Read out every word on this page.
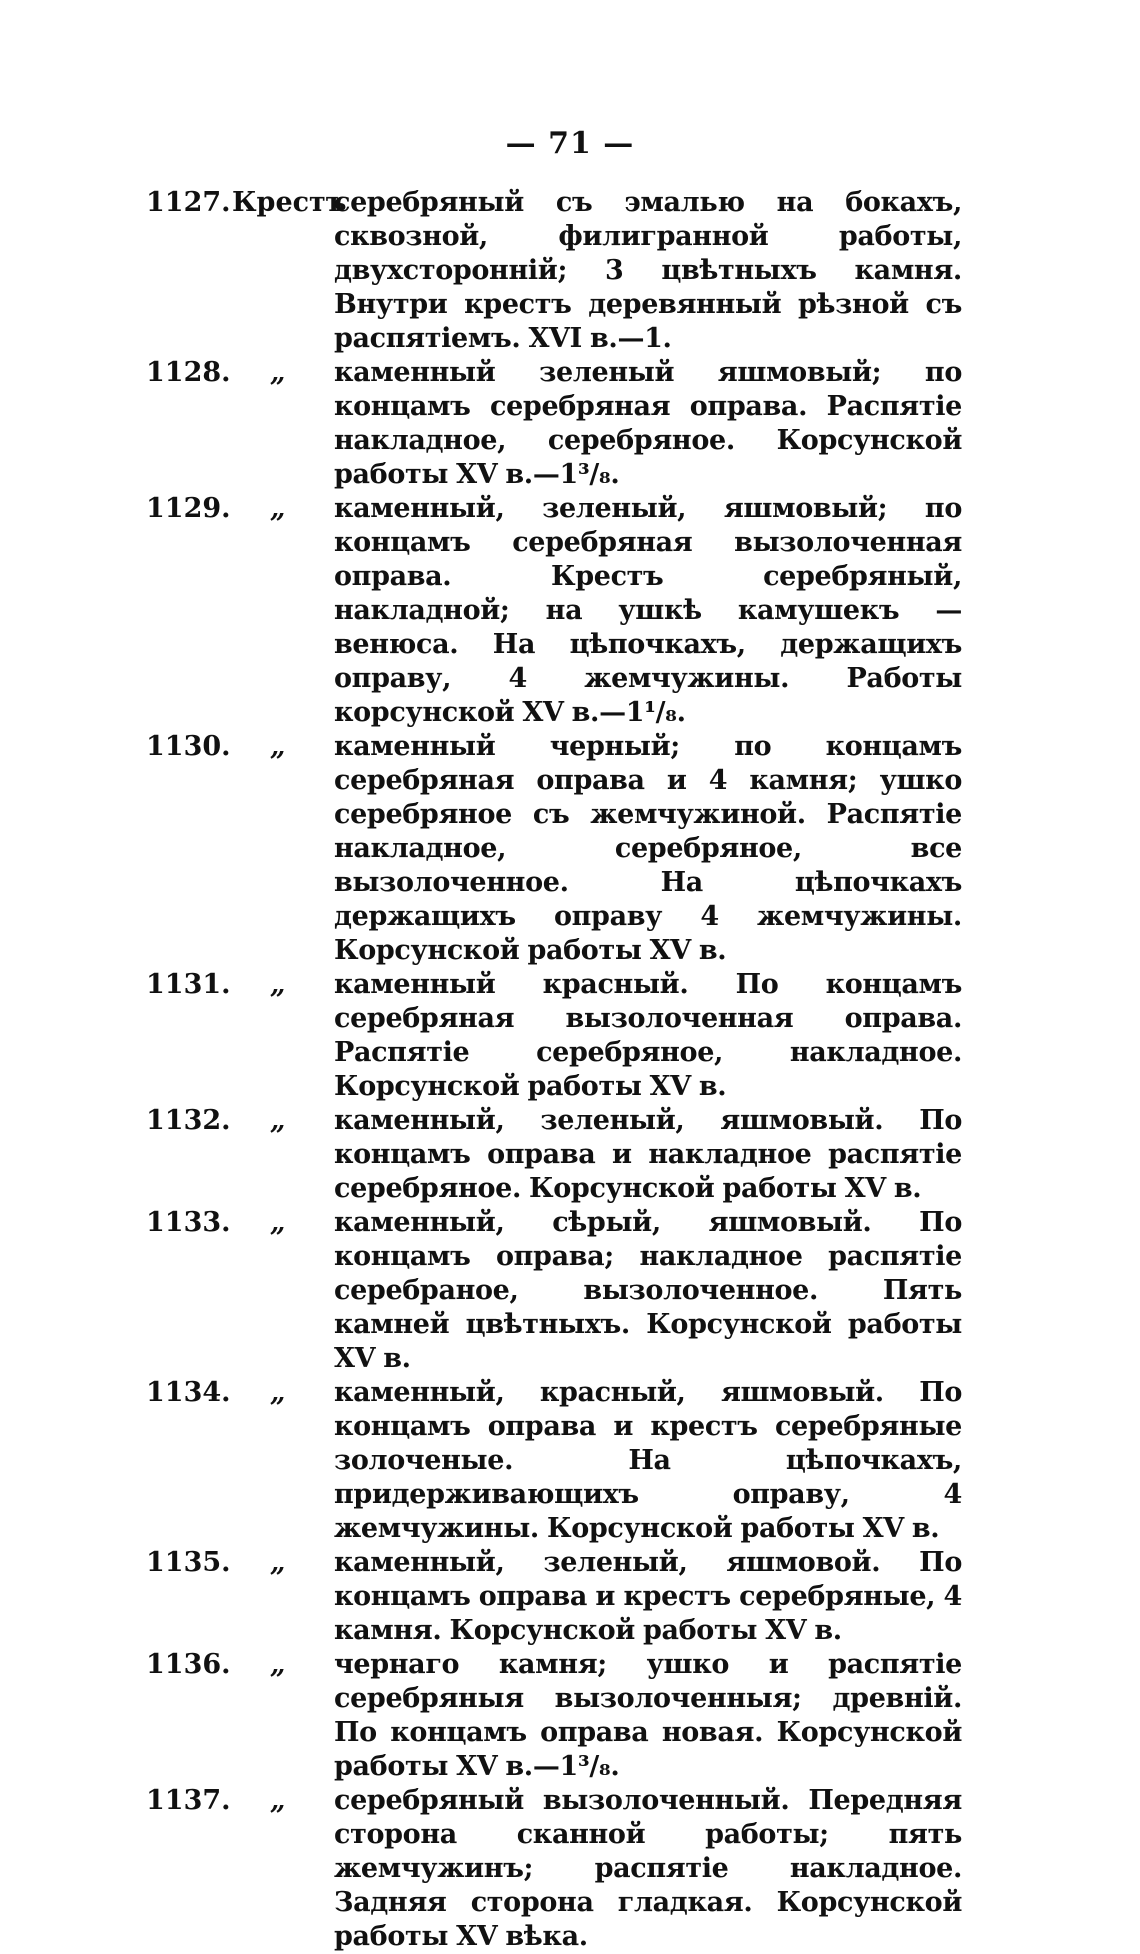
— 71 —
1127. Крестъ
серебряный съ эмалью на бокахъ, сквозной, филигранной работы, двухсторонній; 3 цвѣтныхъ камня. Внутри крестъ деревянный рѣзной съ распятіемъ. XVI в.—1.
1128. „ каменный зеленый яшмовый; по концамъ серебряная оправа. Распятіе накладное, серебряное. Корсунской работы XV в.—1³/₈.
1129. „ каменный, зеленый, яшмовый; по концамъ серебряная вызолоченная оправа. Крестъ серебряный, накладной; на ушкѣ камушекъ — венюса. На цѣпочкахъ, держащихъ оправу, 4 жемчужины. Работы корсунской XV в.—1¹/₈.
1130. „ каменный черный; по концамъ серебряная оправа и 4 камня; ушко серебряное съ жемчужиной. Распятіе накладное, серебряное, все вызолоченное. На цѣпочкахъ держащихъ оправу 4 жемчужины. Корсунской работы XV в.
1131. „ каменный красный. По концамъ серебряная вызолоченная оправа. Распятіе серебряное, накладное. Корсунской работы XV в.
1132. „ каменный, зеленый, яшмовый. По концамъ оправа и накладное распятіе серебряное. Корсунской работы XV в.
1133. „ каменный, сѣрый, яшмовый. По концамъ оправа; накладное распятіе серебраное, вызолоченное. Пять камней цвѣтныхъ. Корсунской работы XV в.
1134. „ каменный, красный, яшмовый. По концамъ оправа и крестъ серебряные золоченые. На цѣпочкахъ, придерживающихъ оправу, 4 жемчужины. Корсунской работы XV в.
1135. „ каменный, зеленый, яшмовой. По концамъ оправа и крестъ серебряные, 4 камня. Корсунской работы XV в.
1136. „ чернаго камня; ушко и распятіе серебряныя вызолоченныя; древній. По концамъ оправа новая. Корсунской работы XV в.—1³/₈.
1137. „ серебряный вызолоченный. Передняя сторона сканной работы; пять жемчужинъ; распятіе накладное. Задняя сторона гладкая. Корсунской работы XV вѣка.
